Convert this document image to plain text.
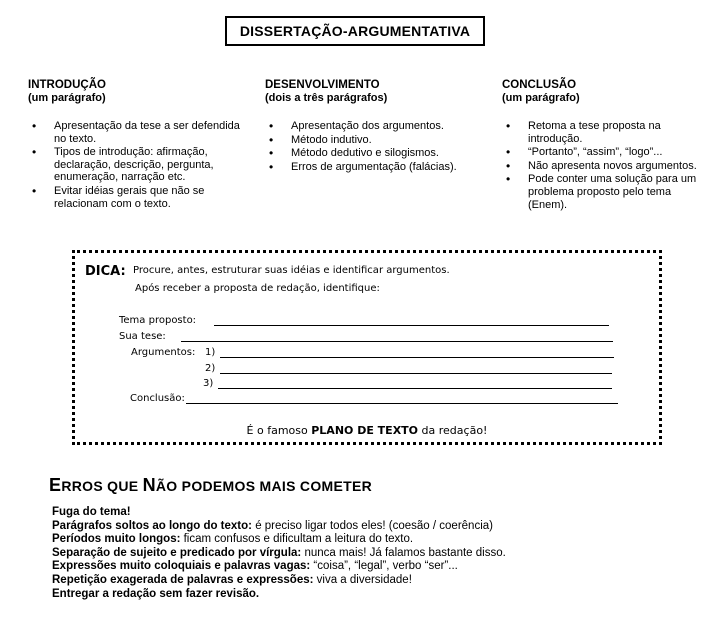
DISSERTAÇÃO-ARGUMENTATIVA
INTRODUÇÃO
(um parágrafo)
• Apresentação da tese a ser defendida no texto.
• Tipos de introdução: afirmação, declaração, descrição, pergunta, enumeração, narração etc.
• Evitar idéias gerais que não se relacionam com o texto.
DESENVOLVIMENTO
(dois a três parágrafos)
• Apresentação dos argumentos.
• Método indutivo.
• Método dedutivo e silogismos.
• Erros de argumentação (falácias).
CONCLUSÃO
(um parágrafo)
• Retoma a tese proposta na introdução.
• “Portanto”, “assim”, “logo”...
• Não apresenta novos argumentos.
• Pode conter uma solução para um problema proposto pelo tema (Enem).
DICA: Procure, antes, estruturar suas idéias e identificar argumentos.
Após receber a proposta de redação, identifique:
Tema proposto:
Sua tese:
Argumentos: 1)
2)
3)
Conclusão:
É o famoso PLANO DE TEXTO da redação!
ERROS QUE NÃO PODEMOS MAIS COMETER
Fuga do tema!
Parágrafos soltos ao longo do texto: é preciso ligar todos eles! (coesão / coerência)
Períodos muito longos: ficam confusos e dificultam a leitura do texto.
Separação de sujeito e predicado por vírgula: nunca mais! Já falamos bastante disso.
Expressões muito coloquiais e palavras vagas: “coisa”, “legal”, verbo “ser”...
Repetição exagerada de palavras e expressões: viva a diversidade!
Entregar a redação sem fazer revisão.
